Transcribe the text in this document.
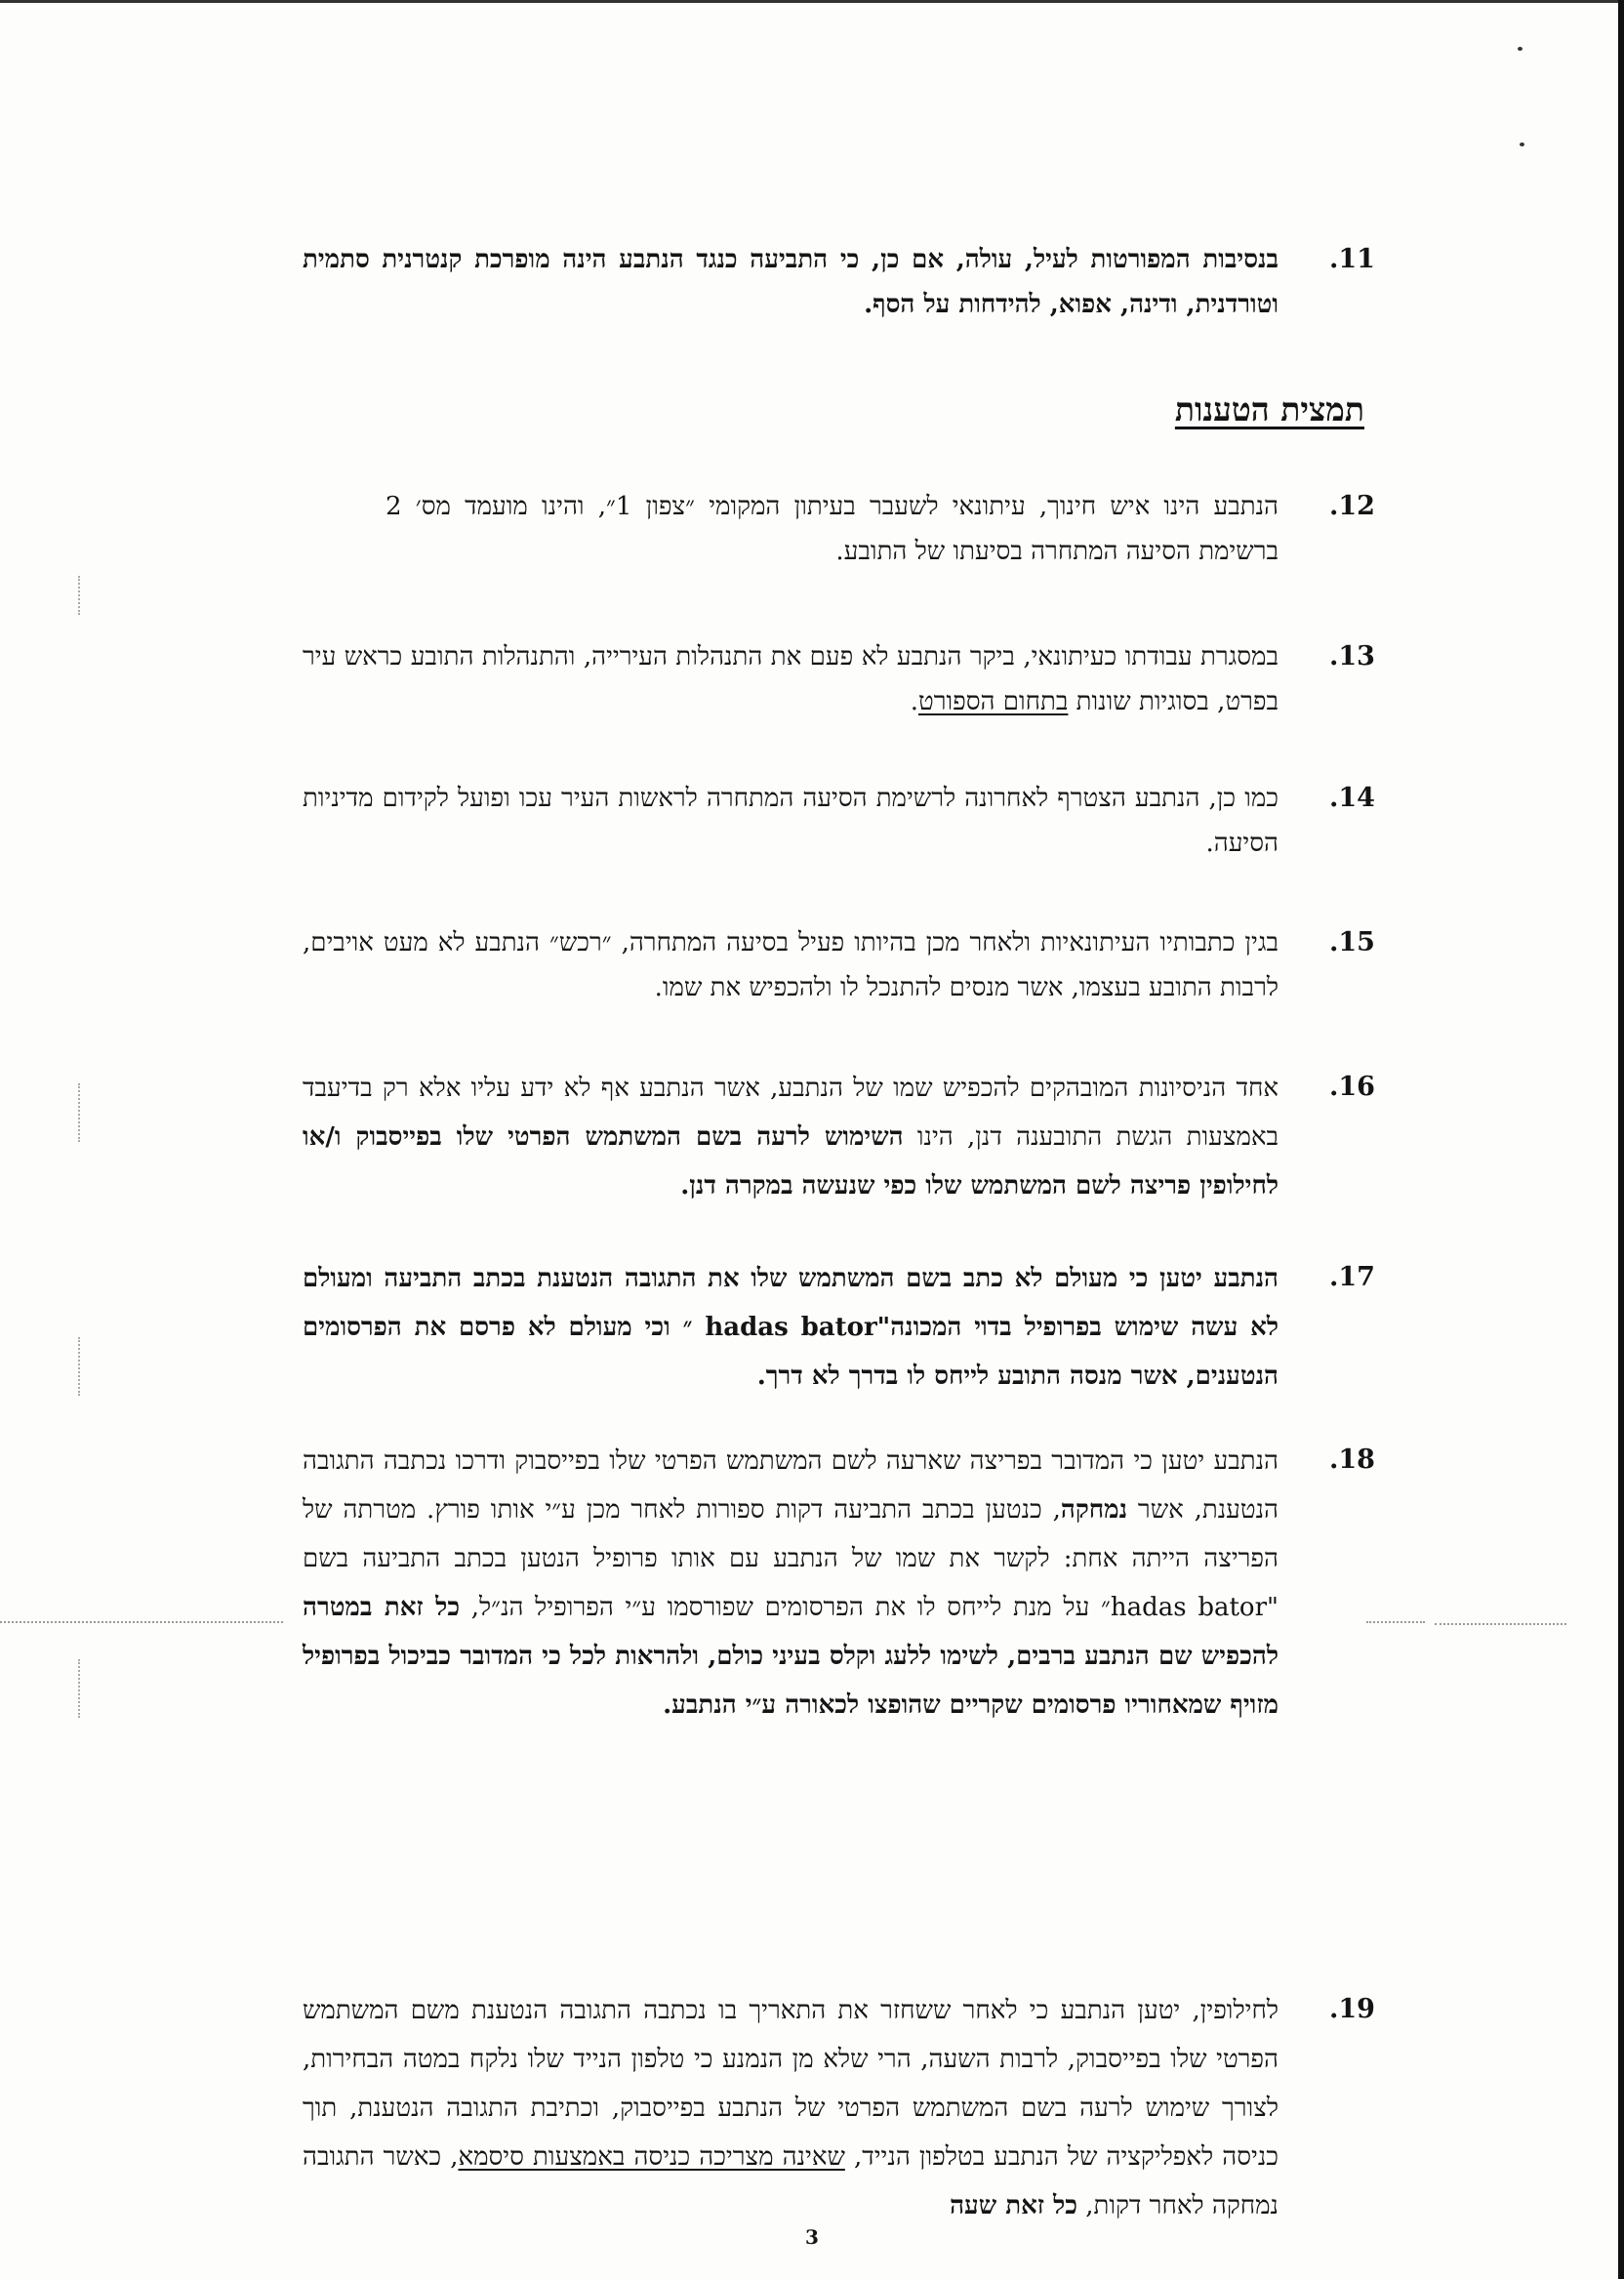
.11
בנסיבות המפורטות לעיל, עולה, אם כן, כי התביעה כנגד הנתבע הינה מופרכת קנטרנית סתמית וטורדנית, ודינה, אפוא, להידחות על הסף.
תמצית הטענות
.12
הנתבע הינו איש חינוך, עיתונאי לשעבר בעיתון המקומי ״צפון 1״, והינו מועמד מס׳ 2 ברשימת הסיעה המתחרה בסיעתו של התובע.
.13
במסגרת עבודתו כעיתונאי, ביקר הנתבע לא פעם את התנהלות העירייה, והתנהלות התובע כראש עיר בפרט, בסוגיות שונות בתחום הספורט.
.14
כמו כן, הנתבע הצטרף לאחרונה לרשימת הסיעה המתחרה לראשות העיר עכו ופועל לקידום מדיניות הסיעה.
.15
בגין כתבותיו העיתונאיות ולאחר מכן בהיותו פעיל בסיעה המתחרה, ״רכש״ הנתבע לא מעט אויבים, לרבות התובע בעצמו, אשר מנסים להתנכל לו ולהכפיש את שמו.
.16
אחד הניסיונות המובהקים להכפיש שמו של הנתבע, אשר הנתבע אף לא ידע עליו אלא רק בדיעבד באמצעות הגשת התובענה דנן, הינו השימוש לרעה בשם המשתמש הפרטי שלו בפייסבוק ו/או לחילופין פריצה לשם המשתמש שלו כפי שנעשה במקרה דנן.
.17
הנתבע יטען כי מעולם לא כתב בשם המשתמש שלו את התגובה הנטענת בכתב התביעה ומעולם לא עשה שימוש בפרופיל בדוי המכונה"hadas bator ״ וכי מעולם לא פרסם את הפרסומים הנטענים, אשר מנסה התובע לייחס לו בדרך לא דרך.
.18
הנתבע יטען כי המדובר בפריצה שארעה לשם המשתמש הפרטי שלו בפייסבוק ודרכו נכתבה התגובה הנטענת, אשר נמחקה, כנטען בכתב התביעה דקות ספורות לאחר מכן ע״י אותו פורץ. מטרתה של הפריצה הייתה אחת: לקשר את שמו של הנתבע עם אותו פרופיל הנטען בכתב התביעה בשם "hadas bator״ על מנת לייחס לו את הפרסומים שפורסמו ע״י הפרופיל הנ״ל, כל זאת במטרה להכפיש שם הנתבע ברבים, לשימו ללעג וקלס בעיני כולם, ולהראות לכל כי המדובר כביכול בפרופיל מזויף שמאחוריו פרסומים שקריים שהופצו לכאורה ע״י הנתבע.
.19
לחילופין, יטען הנתבע כי לאחר ששחזר את התאריך בו נכתבה התגובה הנטענת משם המשתמש הפרטי שלו בפייסבוק, לרבות השעה, הרי שלא מן הנמנע כי טלפון הנייד שלו נלקח במטה הבחירות, לצורך שימוש לרעה בשם המשתמש הפרטי של הנתבע בפייסבוק, וכתיבת התגובה הנטענת, תוך כניסה לאפליקציה של הנתבע בטלפון הנייד, שאינה מצריכה כניסה באמצעות סיסמא, כאשר התגובה נמחקה לאחר דקות, כל זאת שעה
3
